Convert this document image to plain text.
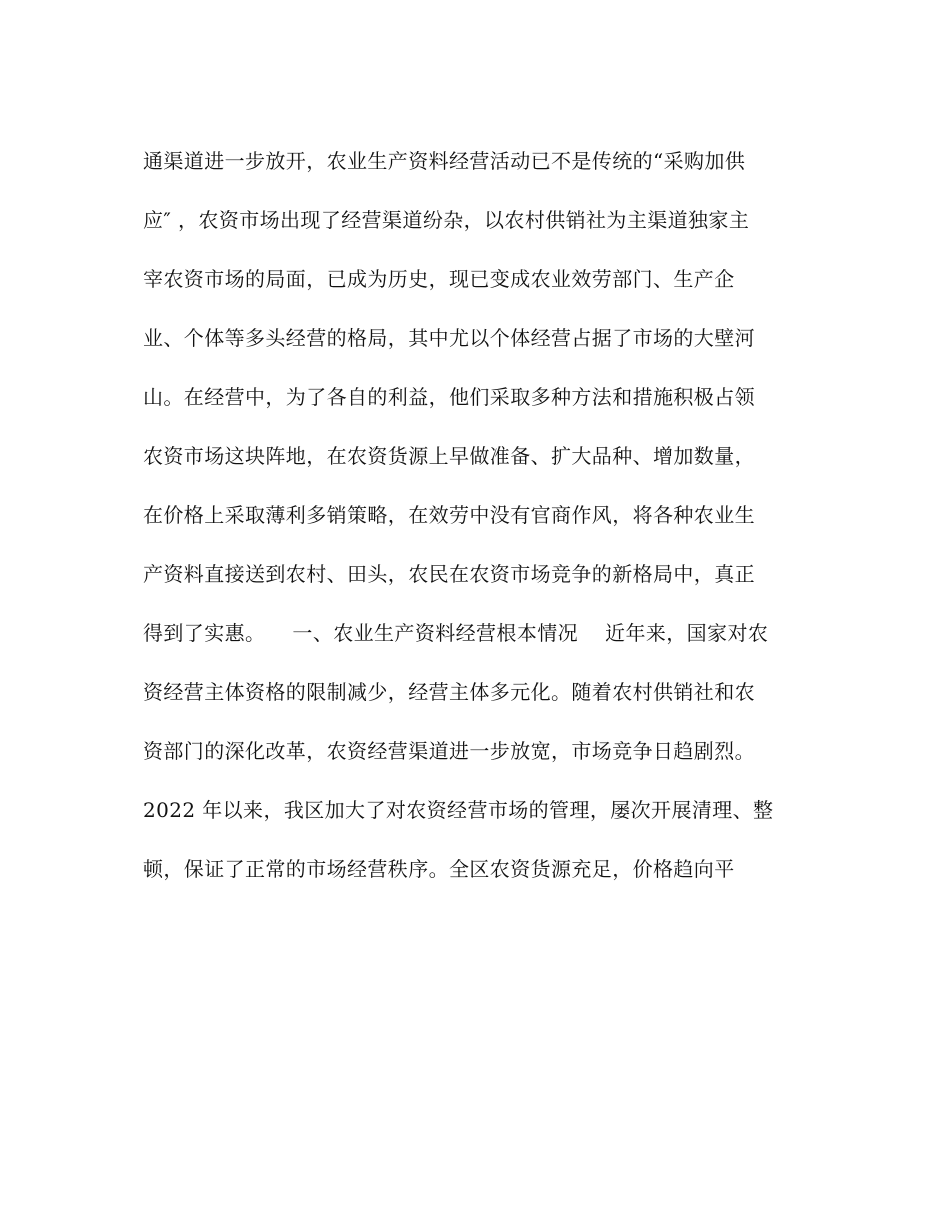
通渠道进一步放开，农业生产资料经营活动已不是传统的“采购加供
应″ ，农资市场出现了经营渠道纷杂，以农村供销社为主渠道独家主
宰农资市场的局面，已成为历史，现已变成农业效劳部门、生产企
业、个体等多头经营的格局，其中尤以个体经营占据了市场的大壁河
山。在经营中，为了各自的利益，他们采取多种方法和措施积极占领
农资市场这块阵地，在农资货源上早做准备、扩大品种、增加数量，
在价格上采取薄利多销策略，在效劳中没有官商作风，将各种农业生
产资料直接送到农村、田头，农民在农资市场竞争的新格局中，真正
得到了实惠。    一、农业生产资料经营根本情况    近年来，国家对农
资经营主体资格的限制减少，经营主体多元化。随着农村供销社和农
资部门的深化改革，农资经营渠道进一步放宽，市场竞争日趋剧烈。
2022 年以来，我区加大了对农资经营市场的管理，屡次开展清理、整
顿，保证了正常的市场经营秩序。全区农资货源充足，价格趋向平
